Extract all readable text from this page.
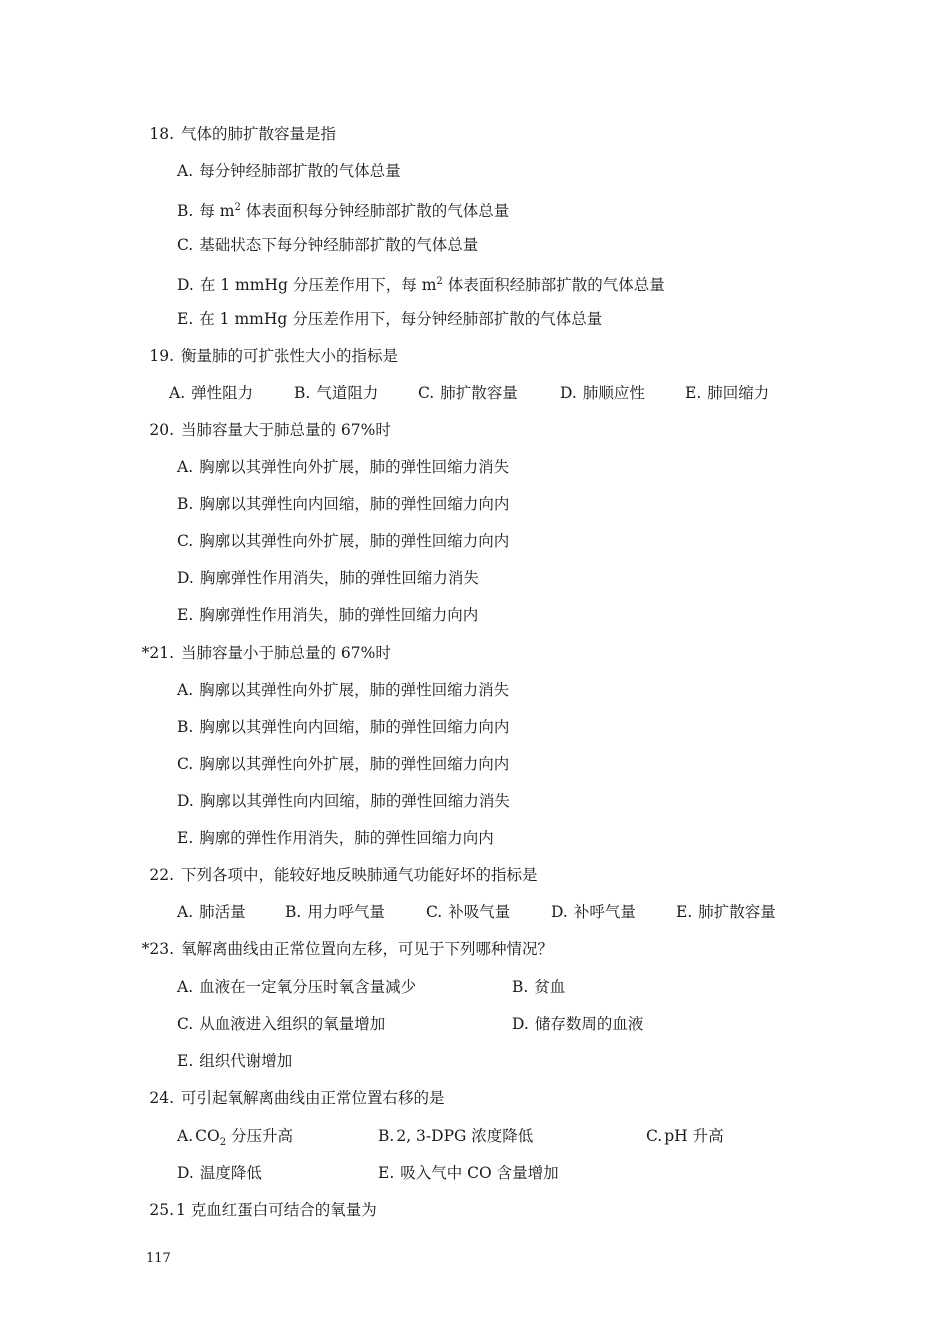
18. 气体的肺扩散容量是指
A. 每分钟经肺部扩散的气体总量
B. 每 $m^2$ 体表面积每分钟经肺部扩散的气体总量
C. 基础状态下每分钟经肺部扩散的气体总量
D. 在 1 mmHg 分压差作用下，每 $m^2$ 体表面积经肺部扩散的气体总量
E. 在 1 mmHg 分压差作用下，每分钟经肺部扩散的气体总量
19. 衡量肺的可扩张性大小的指标是
A. 弹性阻力	B. 气道阻力	C. 肺扩散容量	D. 肺顺应性	E. 肺回缩力
20. 当肺容量大于肺总量的 67%时
A. 胸廓以其弹性向外扩展，肺的弹性回缩力消失
B. 胸廓以其弹性向内回缩，肺的弹性回缩力向内
C. 胸廓以其弹性向外扩展，肺的弹性回缩力向内
D. 胸廓弹性作用消失，肺的弹性回缩力消失
E. 胸廓弹性作用消失，肺的弹性回缩力向内
*21. 当肺容量小于肺总量的 67%时
A. 胸廓以其弹性向外扩展，肺的弹性回缩力消失
B. 胸廓以其弹性向内回缩，肺的弹性回缩力向内
C. 胸廓以其弹性向外扩展，肺的弹性回缩力向内
D. 胸廓以其弹性向内回缩，肺的弹性回缩力消失
E. 胸廓的弹性作用消失，肺的弹性回缩力向内
22. 下列各项中，能较好地反映肺通气功能好坏的指标是
A. 肺活量	B. 用力呼气量	C. 补吸气量	D. 补呼气量	E. 肺扩散容量
*23. 氧解离曲线由正常位置向左移，可见于下列哪种情况？
A. 血液在一定氧分压时氧含量减少	B. 贫血
C. 从血液进入组织的氧量增加	D. 储存数周的血液
E. 组织代谢增加
24. 可引起氧解离曲线由正常位置右移的是
A. $CO_2$ 分压升高	B. 2, 3-DPG 浓度降低	C. pH 升高
D. 温度降低	E. 吸入气中 CO 含量增加
25. 1 克血红蛋白可结合的氧量为
117
